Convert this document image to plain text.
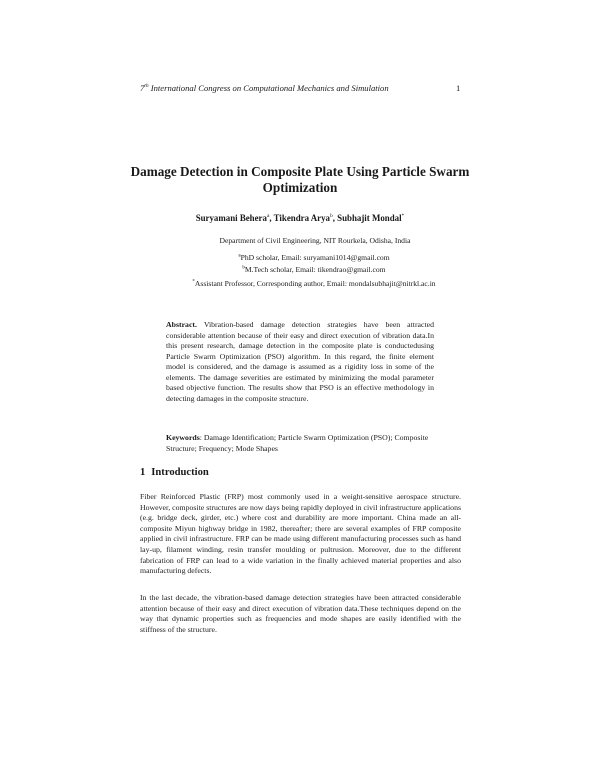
7th International Congress on Computational Mechanics and Simulation	1
Damage Detection in Composite Plate Using Particle Swarm Optimization
Suryamani Behera$^a$, Tikendra Arya$^b$, Subhajit Mondal*
Department of Civil Engineering, NIT Rourkela, Odisha, India
$^a$PhD scholar, Email: suryamani1014@gmail.com
$^b$M.Tech scholar, Email: tikendrao@gmail.com
*Assistant Professor, Corresponding author, Email: mondalsubhajit@nitrkl.ac.in
Abstract. Vibration-based damage detection strategies have been attracted considerable attention because of their easy and direct execution of vibration data.In this present research, damage detection in the composite plate is conductedusing Particle Swarm Optimization (PSO) algorithm. In this regard, the finite element model is considered, and the damage is assumed as a rigidity loss in some of the elements. The damage severities are estimated by minimizing the modal parameter based objective function. The results show that PSO is an effective methodology in detecting damages in the composite structure.
Keywords: Damage Identification; Particle Swarm Optimization (PSO); Composite Structure; Frequency; Mode Shapes
1 Introduction
Fiber Reinforced Plastic (FRP) most commonly used in a weight-sensitive aerospace structure. However, composite structures are now days being rapidly deployed in civil infrastructure applications (e.g. bridge deck, girder, etc.) where cost and durability are more important. China made an all-composite Miyun highway bridge in 1982, thereafter; there are several examples of FRP composite applied in civil infrastructure. FRP can be made using different manufacturing processes such as hand lay-up, filament winding, resin transfer moulding or pultrusion. Moreover, due to the different fabrication of FRP can lead to a wide variation in the finally achieved material properties and also manufacturing defects.
In the last decade, the vibration-based damage detection strategies have been attracted considerable attention because of their easy and direct execution of vibration data.These techniques depend on the way that dynamic properties such as frequencies and mode shapes are easily identified with the stiffness of the structure.
